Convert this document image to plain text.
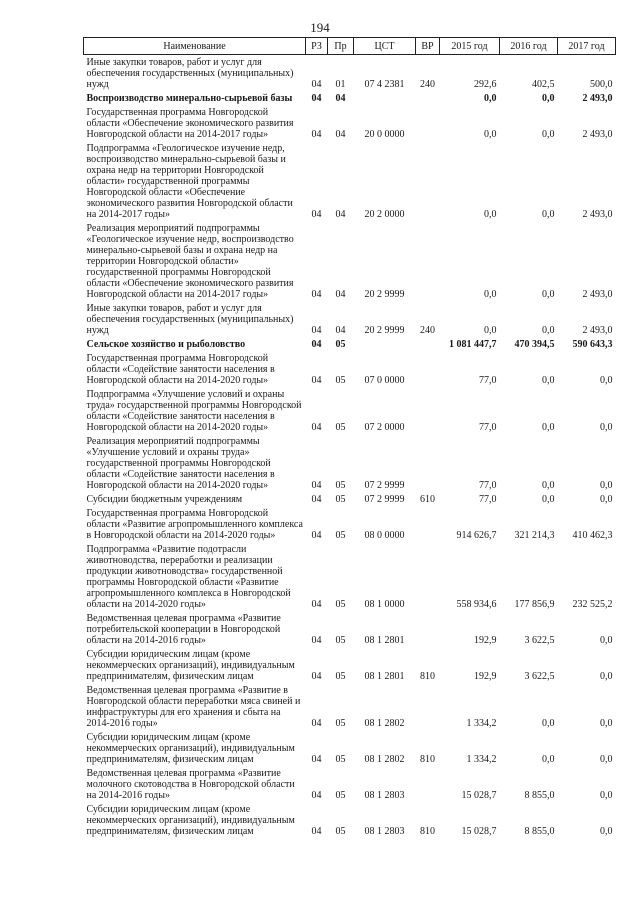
194
Наименование	РЗ	Пр	ЦСТ	ВР	2015 год	2016 год	2017 год
Иные закупки товаров, работ и услуг для обеспечения государственных (муниципальных) нужд	04	01	07 4 2381	240	292,6	402,5	500,0
Воспроизводство минерально-сырьевой базы	04	04			0,0	0,0	2 493,0
Государственная программа Новгородской области «Обеспечение экономического развития Новгородской области на 2014-2017 годы»	04	04	20 0 0000		0,0	0,0	2 493,0
Подпрограмма «Геологическое изучение недр, воспроизводство минерально-сырьевой базы и охрана недр на территории Новгородской области» государственной программы Новгородской области «Обеспечение экономического развития Новгородской области на 2014-2017 годы»	04	04	20 2 0000		0,0	0,0	2 493,0
Реализация мероприятий подпрограммы «Геологическое изучение недр, воспроизводство минерально-сырьевой базы и охрана недр на территории Новгородской области» государственной программы Новгородской области «Обеспечение экономического развития Новгородской области на 2014-2017 годы»	04	04	20 2 9999		0,0	0,0	2 493,0
Иные закупки товаров, работ и услуг для обеспечения государственных (муниципальных) нужд	04	04	20 2 9999	240	0,0	0,0	2 493,0
Сельское хозяйство и рыболовство	04	05			1 081 447,7	470 394,5	590 643,3
Государственная программа Новгородской области «Содействие занятости населения в Новгородской области на 2014-2020 годы»	04	05	07 0 0000		77,0	0,0	0,0
Подпрограмма «Улучшение условий и охраны труда» государственной программы Новгородской области «Содействие занятости населения в Новгородской области на 2014-2020 годы»	04	05	07 2 0000		77,0	0,0	0,0
Реализация мероприятий подпрограммы «Улучшение условий и охраны труда» государственной программы Новгородской области «Содействие занятости населения в Новгородской области на 2014-2020 годы»	04	05	07 2 9999		77,0	0,0	0,0
Субсидии бюджетным учреждениям	04	05	07 2 9999	610	77,0	0,0	0,0
Государственная программа Новгородской области «Развитие агропромышленного комплекса в Новгородской области на 2014-2020 годы»	04	05	08 0 0000		914 626,7	321 214,3	410 462,3
Подпрограмма «Развитие подотрасли животноводства, переработки и реализации продукции животноводства» государственной программы Новгородской области «Развитие агропромышленного комплекса в Новгородской области на 2014-2020 годы»	04	05	08 1 0000		558 934,6	177 856,9	232 525,2
Ведомственная целевая программа «Развитие потребительской кооперации в Новгородской области на 2014-2016 годы»	04	05	08 1 2801		192,9	3 622,5	0,0
Субсидии юридическим лицам (кроме некоммерческих организаций), индивидуальным предпринимателям, физическим лицам	04	05	08 1 2801	810	192,9	3 622,5	0,0
Ведомственная целевая программа «Развитие в Новгородской области переработки мяса свиней и инфраструктуры для его хранения и сбыта на 2014-2016 годы»	04	05	08 1 2802		1 334,2	0,0	0,0
Субсидии юридическим лицам (кроме некоммерческих организаций), индивидуальным предпринимателям, физическим лицам	04	05	08 1 2802	810	1 334,2	0,0	0,0
Ведомственная целевая программа «Развитие молочного скотоводства в Новгородской области на 2014-2016 годы»	04	05	08 1 2803		15 028,7	8 855,0	0,0
Субсидии юридическим лицам (кроме некоммерческих организаций), индивидуальным предпринимателям, физическим лицам	04	05	08 1 2803	810	15 028,7	8 855,0	0,0
